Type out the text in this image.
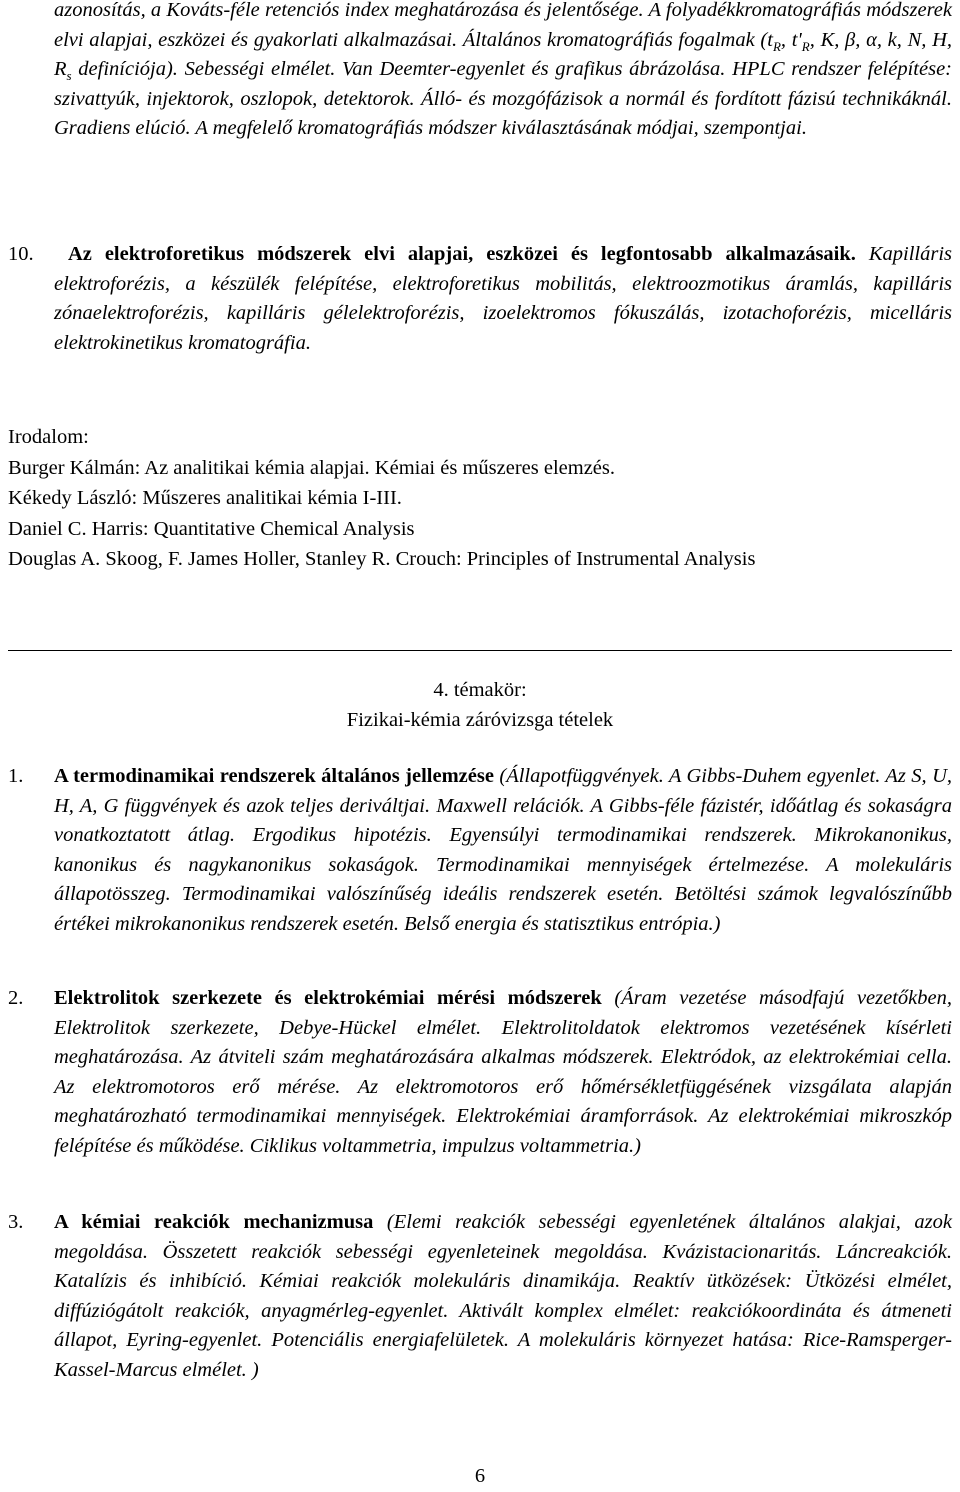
azonosítás, a Kováts-féle retenciós index meghatározása és jelentősége. A folyadékkromatográfiás módszerek elvi alapjai, eszközei és gyakorlati alkalmazásai. Általános kromatográfiás fogalmak ($t_R$, $t'_R$, K, β, α, k, N, H, $R_s$ definíciója). Sebességi elmélet. Van Deemter-egyenlet és grafikus ábrázolása. HPLC rendszer felépítése: szivattyúk, injektorok, oszlopok, detektorok. Álló- és mozgófázisok a normál és fordított fázisú technikáknál. Gradiens elúció. A megfelelő kromatográfiás módszer kiválasztásának módjai, szempontjai.

10.	Az elektroforetikus módszerek elvi alapjai, eszközei és legfontosabb alkalmazásaik. Kapilláris elektroforézis, a készülék felépítése, elektroforetikus mobilitás, elektroozmotikus áramlás, kapilláris zónaelektroforézis, kapilláris gélelektroforézis, izoelektromos fókuszálás, izotachoforézis, micelláris elektrokinetikus kromatográfia.

Irodalom:
Burger Kálmán: Az analitikai kémia alapjai. Kémiai és műszeres elemzés.
Kékedy László: Műszeres analitikai kémia I-III.
Daniel C. Harris: Quantitative Chemical Analysis
Douglas A. Skoog, F. James Holler, Stanley R. Crouch: Principles of Instrumental Analysis
4. témakör:
Fizikai-kémia záróvizsga tételek
1. A termodinamikai rendszerek általános jellemzése (Állapotfüggvények. A Gibbs-Duhem egyenlet. Az S, U, H, A, G függvények és azok teljes deriváltjai. Maxwell relációk. A Gibbs-féle fázistér, időátlag és sokaságra vonatkoztatott átlag. Ergodikus hipotézis. Egyensúlyi termodinamikai rendszerek. Mikrokanonikus, kanonikus és nagykanonikus sokaságok. Termodinamikai mennyiségek értelmezése. A molekuláris állapotösszeg. Termodinamikai valószínűség ideális rendszerek esetén. Betöltési számok legvalószínűbb értékei mikrokanonikus rendszerek esetén. Belső energia és statisztikus entrópia.)

2. Elektrolitok szerkezete és elektrokémiai mérési módszerek (Áram vezetése másodfajú vezetőkben, Elektrolitok szerkezete, Debye-Hückel elmélet. Elektrolitoldatok elektromos vezetésének kísérleti meghatározása. Az átviteli szám meghatározására alkalmas módszerek. Elektródok, az elektrokémiai cella. Az elektromotoros erő mérése. Az elektromotoros erő hőmérsékletfüggésének vizsgálata alapján meghatározható termodinamikai mennyiségek. Elektrokémiai áramforrások. Az elektrokémiai mikroszkóp felépítése és működése. Ciklikus voltammetria, impulzus voltammetria.)

3. A kémiai reakciók mechanizmusa (Elemi reakciók sebességi egyenletének általános alakjai, azok megoldása. Összetett reakciók sebességi egyenleteinek megoldása. Kvázistacionaritás. Láncreakciók. Katalízis és inhibíció. Kémiai reakciók molekuláris dinamikája. Reaktív ütközések: Ütközési elmélet, diffúziógátolt reakciók, anyagmérleg-egyenlet. Aktivált komplex elmélet: reakciókoordináta és átmeneti állapot, Eyring-egyenlet. Potenciális energiafelületek. A molekuláris környezet hatása: Rice-Ramsperger-Kassel-Marcus elmélet. )

6
